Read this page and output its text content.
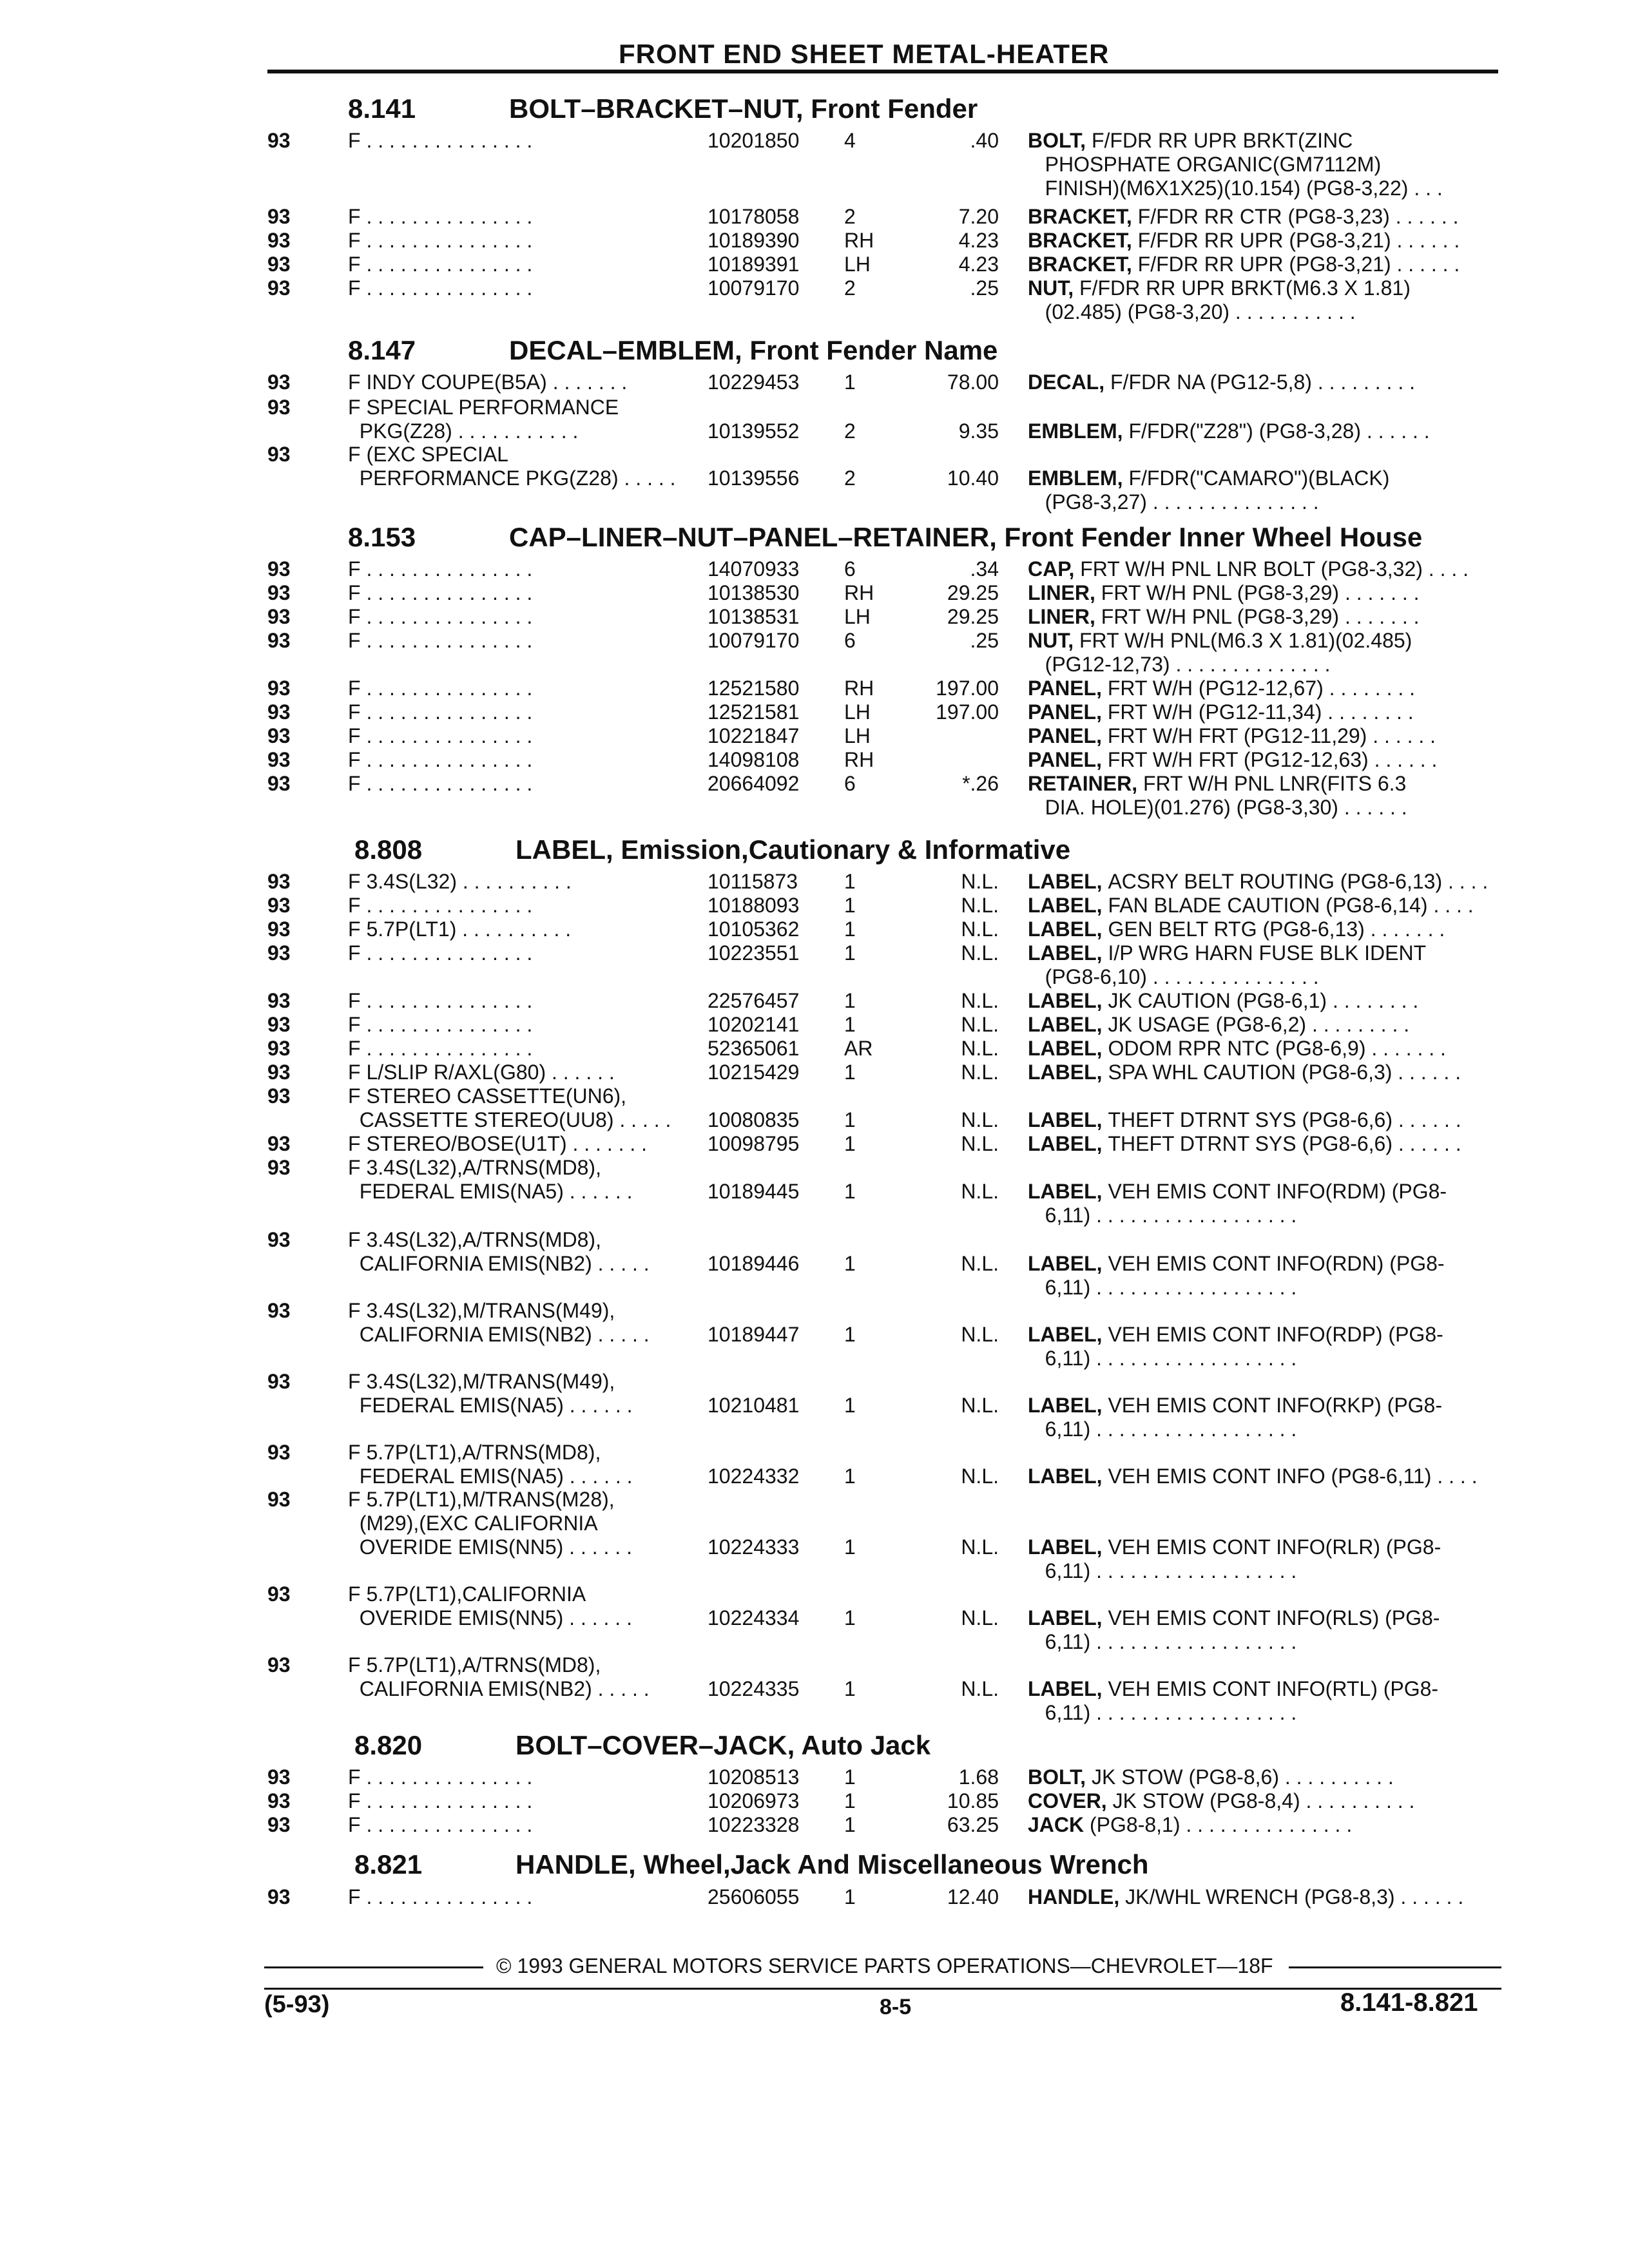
FRONT END SHEET METAL-HEATER
8.141	BOLT–BRACKET–NUT, Front Fender
93	F . . . . . . . . . . . . . . .	10201850 4	.40 BOLT, F/FDR RR UPR BRKT(ZINC
PHOSPHATE ORGANIC(GM7112M)
FINISH)(M6X1X25)(10.154) (PG8-3,22) . . .
93	F . . . . . . . . . . . . . . .	10178058 2	7.20 BRACKET, F/FDR RR CTR (PG8-3,23) . . . . . .
93	F . . . . . . . . . . . . . . .	10189390 RH	4.23 BRACKET, F/FDR RR UPR (PG8-3,21) . . . . . .
93	F . . . . . . . . . . . . . . .	10189391 LH	4.23 BRACKET, F/FDR RR UPR (PG8-3,21) . . . . . .
93	F . . . . . . . . . . . . . . .	10079170 2	.25 NUT, F/FDR RR UPR BRKT(M6.3 X 1.81)
(02.485) (PG8-3,20) . . . . . . . . . . .
8.147	DECAL–EMBLEM, Front Fender Name
93	F INDY COUPE(B5A) . . . . . . .	10229453 1	78.00 DECAL, F/FDR NA (PG12-5,8) . . . . . . . . .
93	F SPECIAL PERFORMANCE
PKG(Z28) . . . . . . . . . . .	10139552 2	9.35 EMBLEM, F/FDR("Z28") (PG8-3,28) . . . . . .
93	F (EXC SPECIAL
PERFORMANCE PKG(Z28) . . . . .	10139556 2	10.40 EMBLEM, F/FDR("CAMARO")(BLACK)
(PG8-3,27) . . . . . . . . . . . . . . .
8.153	CAP–LINER–NUT–PANEL–RETAINER, Front Fender Inner Wheel House
93	F . . . . . . . . . . . . . . .	14070933 6	.34 CAP, FRT W/H PNL LNR BOLT (PG8-3,32) . . . .
93	F . . . . . . . . . . . . . . .	10138530 RH	29.25 LINER, FRT W/H PNL (PG8-3,29) . . . . . . .
93	F . . . . . . . . . . . . . . .	10138531 LH	29.25 LINER, FRT W/H PNL (PG8-3,29) . . . . . . .
93	F . . . . . . . . . . . . . . .	10079170 6	.25 NUT, FRT W/H PNL(M6.3 X 1.81)(02.485)
(PG12-12,73) . . . . . . . . . . . . . .
93	F . . . . . . . . . . . . . . .	12521580 RH	197.00 PANEL, FRT W/H (PG12-12,67) . . . . . . . .
93	F . . . . . . . . . . . . . . .	12521581 LH	197.00 PANEL, FRT W/H (PG12-11,34) . . . . . . . .
93	F . . . . . . . . . . . . . . .	10221847 LH	PANEL, FRT W/H FRT (PG12-11,29) . . . . . .
93	F . . . . . . . . . . . . . . .	14098108 RH	PANEL, FRT W/H FRT (PG12-12,63) . . . . . .
93	F . . . . . . . . . . . . . . .	20664092 6	*.26 RETAINER, FRT W/H PNL LNR(FITS 6.3
DIA. HOLE)(01.276) (PG8-3,30) . . . . . .
8.808	LABEL, Emission,Cautionary & Informative
93	F 3.4S(L32) . . . . . . . . . .	10115873 1	N.L. LABEL, ACSRY BELT ROUTING (PG8-6,13) . . . .
93	F . . . . . . . . . . . . . . .	10188093 1	N.L. LABEL, FAN BLADE CAUTION (PG8-6,14) . . . .
93	F 5.7P(LT1) . . . . . . . . . .	10105362 1	N.L. LABEL, GEN BELT RTG (PG8-6,13) . . . . . . .
93	F . . . . . . . . . . . . . . .	10223551 1	N.L. LABEL, I/P WRG HARN FUSE BLK IDENT
(PG8-6,10) . . . . . . . . . . . . . . .
93	F . . . . . . . . . . . . . . .	22576457 1	N.L. LABEL, JK CAUTION (PG8-6,1) . . . . . . . .
93	F . . . . . . . . . . . . . . .	10202141 1	N.L. LABEL, JK USAGE (PG8-6,2) . . . . . . . . .
93	F . . . . . . . . . . . . . . .	52365061 AR	N.L. LABEL, ODOM RPR NTC (PG8-6,9) . . . . . . .
93	F L/SLIP R/AXL(G80) . . . . . .	10215429 1	N.L. LABEL, SPA WHL CAUTION (PG8-6,3) . . . . . .
93	F STEREO CASSETTE(UN6),
CASSETTE STEREO(UU8) . . . . .	10080835 1	N.L. LABEL, THEFT DTRNT SYS (PG8-6,6) . . . . . .
93	F STEREO/BOSE(U1T) . . . . . . .	10098795 1	N.L. LABEL, THEFT DTRNT SYS (PG8-6,6) . . . . . .
93	F 3.4S(L32),A/TRNS(MD8),
FEDERAL EMIS(NA5) . . . . . .	10189445 1	N.L. LABEL, VEH EMIS CONT INFO(RDM) (PG8-
6,11) . . . . . . . . . . . . . . . . . .
93	F 3.4S(L32),A/TRNS(MD8),
CALIFORNIA EMIS(NB2) . . . . .	10189446 1	N.L. LABEL, VEH EMIS CONT INFO(RDN) (PG8-
6,11) . . . . . . . . . . . . . . . . . .
93	F 3.4S(L32),M/TRANS(M49),
CALIFORNIA EMIS(NB2) . . . . .	10189447 1	N.L. LABEL, VEH EMIS CONT INFO(RDP) (PG8-
6,11) . . . . . . . . . . . . . . . . . .
93	F 3.4S(L32),M/TRANS(M49),
FEDERAL EMIS(NA5) . . . . . .	10210481 1	N.L. LABEL, VEH EMIS CONT INFO(RKP) (PG8-
6,11) . . . . . . . . . . . . . . . . . .
93	F 5.7P(LT1),A/TRNS(MD8),
FEDERAL EMIS(NA5) . . . . . .	10224332 1	N.L. LABEL, VEH EMIS CONT INFO (PG8-6,11) . . . .
93	F 5.7P(LT1),M/TRANS(M28),
(M29),(EXC CALIFORNIA
OVERIDE EMIS(NN5) . . . . . .	10224333 1	N.L. LABEL, VEH EMIS CONT INFO(RLR) (PG8-
6,11) . . . . . . . . . . . . . . . . . .
93	F 5.7P(LT1),CALIFORNIA
OVERIDE EMIS(NN5) . . . . . .	10224334 1	N.L. LABEL, VEH EMIS CONT INFO(RLS) (PG8-
6,11) . . . . . . . . . . . . . . . . . .
93	F 5.7P(LT1),A/TRNS(MD8),
CALIFORNIA EMIS(NB2) . . . . .	10224335 1	N.L. LABEL, VEH EMIS CONT INFO(RTL) (PG8-
6,11) . . . . . . . . . . . . . . . . . .
8.820	BOLT–COVER–JACK, Auto Jack
93	F . . . . . . . . . . . . . . .	10208513 1	1.68 BOLT, JK STOW (PG8-8,6) . . . . . . . . . .
93	F . . . . . . . . . . . . . . .	10206973 1	10.85 COVER, JK STOW (PG8-8,4) . . . . . . . . . .
93	F . . . . . . . . . . . . . . .	10223328 1	63.25 JACK (PG8-8,1) . . . . . . . . . . . . . . .
8.821	HANDLE, Wheel,Jack And Miscellaneous Wrench
93	F . . . . . . . . . . . . . . .	25606055 1	12.40 HANDLE, JK/WHL WRENCH (PG8-8,3) . . . . . .
© 1993 GENERAL MOTORS SERVICE PARTS OPERATIONS—CHEVROLET—18F
(5-93)	8-5	8.141-8.821
